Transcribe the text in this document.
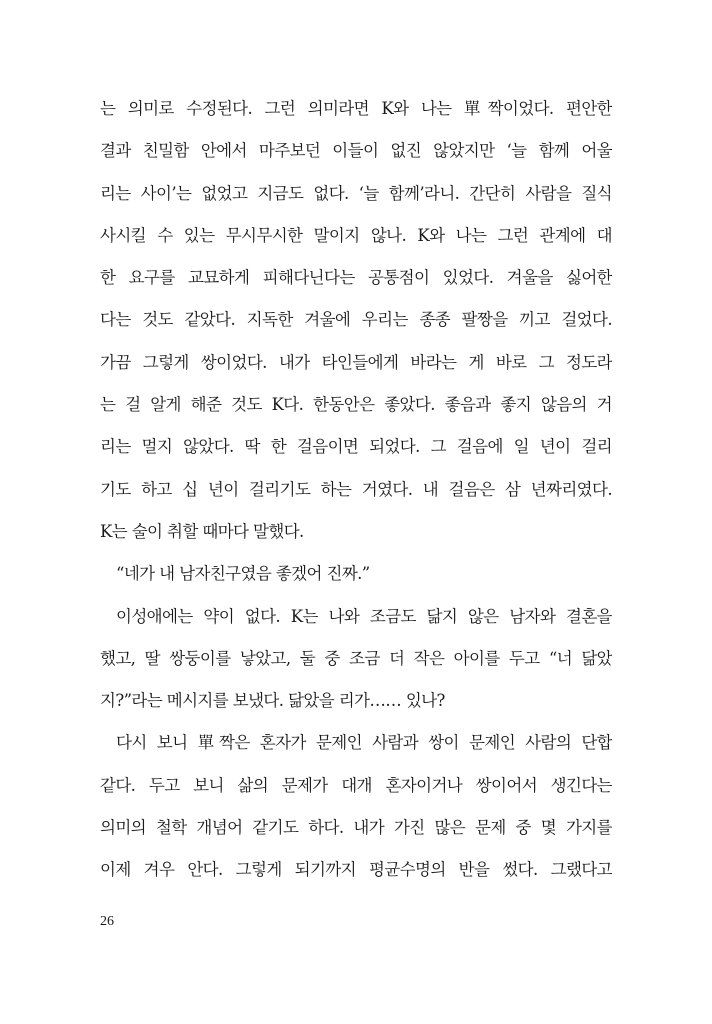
는 의미로 수정된다. 그런 의미라면 K와 나는 單짝이었다. 편안한
결과 친밀함 안에서 마주보던 이들이 없진 않았지만 ‘늘 함께 어울
리는 사이’는 없었고 지금도 없다. ‘늘 함께’라니. 간단히 사람을 질식
사시킬 수 있는 무시무시한 말이지 않나. K와 나는 그런 관계에 대
한 요구를 교묘하게 피해다닌다는 공통점이 있었다. 겨울을 싫어한
다는 것도 같았다. 지독한 겨울에 우리는 종종 팔짱을 끼고 걸었다.
가끔 그렇게 쌍이었다. 내가 타인들에게 바라는 게 바로 그 정도라
는 걸 알게 해준 것도 K다. 한동안은 좋았다. 좋음과 좋지 않음의 거
리는 멀지 않았다. 딱 한 걸음이면 되었다. 그 걸음에 일 년이 걸리
기도 하고 십 년이 걸리기도 하는 거였다. 내 걸음은 삼 년짜리였다.
K는 술이 취할 때마다 말했다.
“네가 내 남자친구였음 좋겠어 진짜.”
이성애에는 약이 없다. K는 나와 조금도 닮지 않은 남자와 결혼을
했고, 딸 쌍둥이를 낳았고, 둘 중 조금 더 작은 아이를 두고 “너 닮았
지?”라는 메시지를 보냈다. 닮았을 리가…… 있나?
다시 보니 單짝은 혼자가 문제인 사람과 쌍이 문제인 사람의 단합
같다. 두고 보니 삶의 문제가 대개 혼자이거나 쌍이어서 생긴다는
의미의 철학 개념어 같기도 하다. 내가 가진 많은 문제 중 몇 가지를
이제 겨우 안다. 그렇게 되기까지 평균수명의 반을 썼다. 그랬다고
26
